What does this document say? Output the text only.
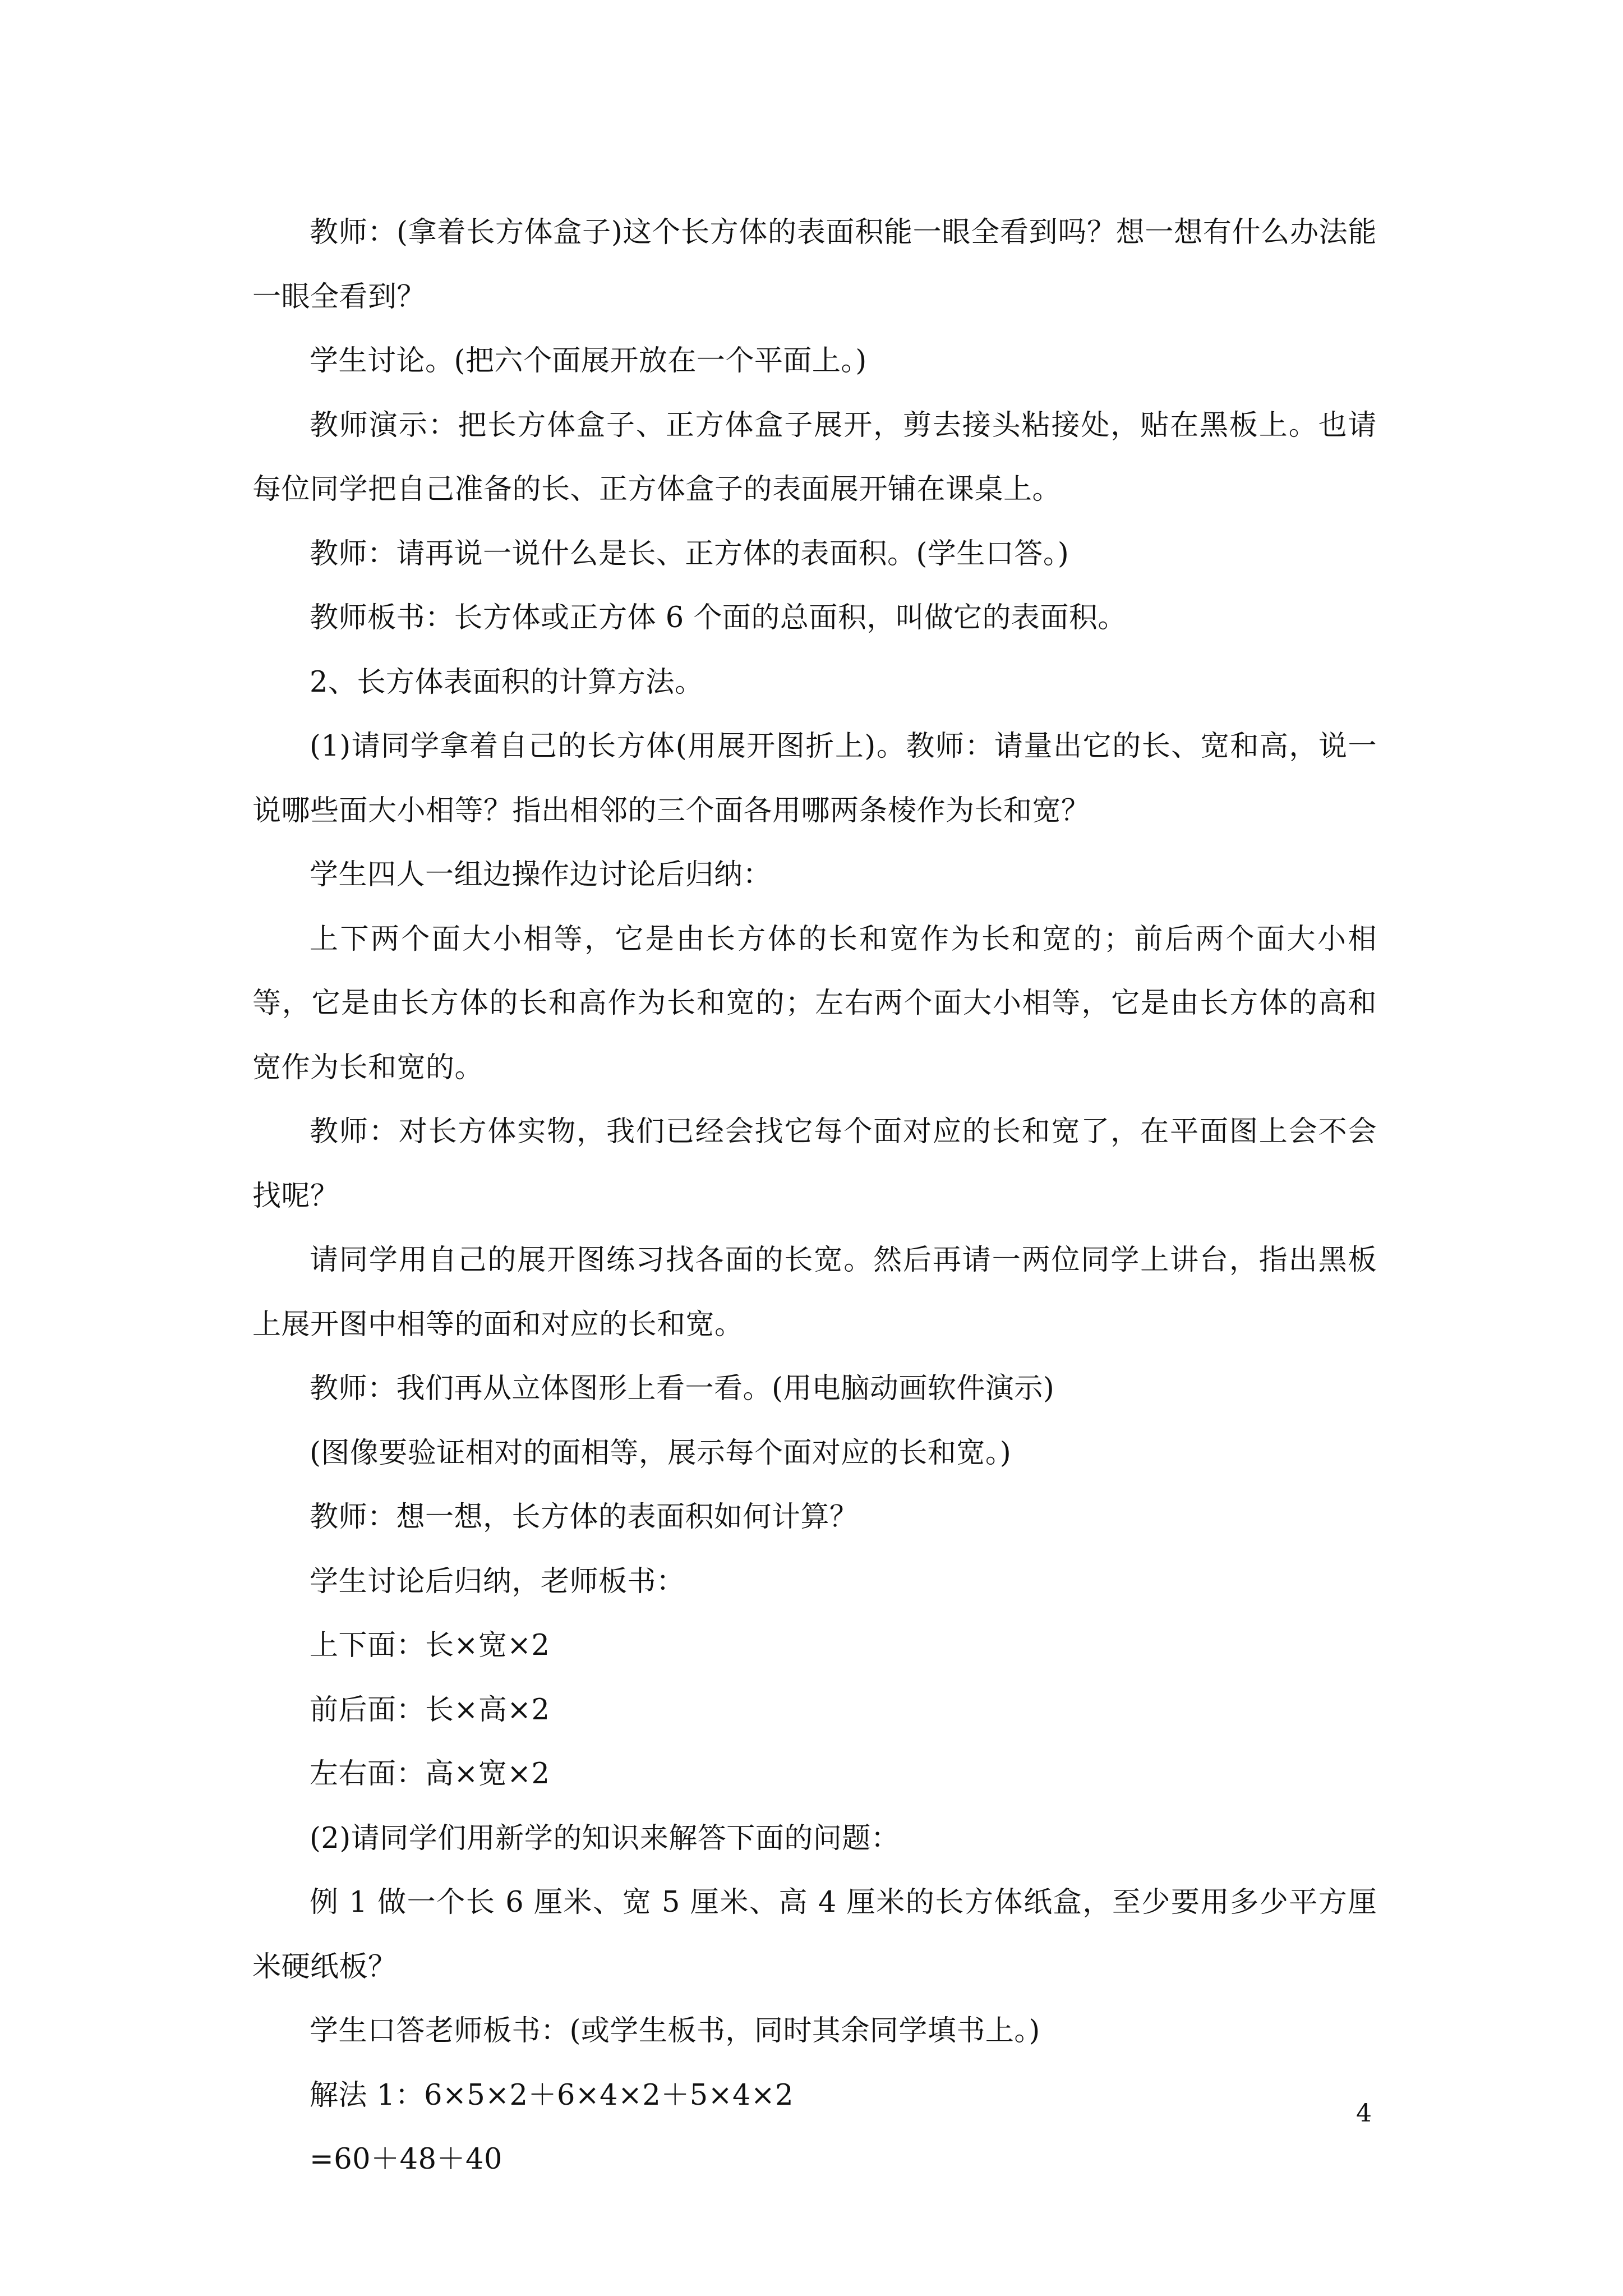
教师：(拿着长方体盒子)这个长方体的表面积能一眼全看到吗？想一想有什么办法能一眼全看到？

学生讨论。(把六个面展开放在一个平面上。)

教师演示：把长方体盒子、正方体盒子展开，剪去接头粘接处，贴在黑板上。也请每位同学把自己准备的长、正方体盒子的表面展开铺在课桌上。

教师：请再说一说什么是长、正方体的表面积。(学生口答。)

教师板书：长方体或正方体 6 个面的总面积，叫做它的表面积。

2、长方体表面积的计算方法。

(1)请同学拿着自己的长方体(用展开图折上)。教师：请量出它的长、宽和高，说一说哪些面大小相等？指出相邻的三个面各用哪两条棱作为长和宽？

学生四人一组边操作边讨论后归纳：

上下两个面大小相等，它是由长方体的长和宽作为长和宽的；前后两个面大小相等，它是由长方体的长和高作为长和宽的；左右两个面大小相等，它是由长方体的高和宽作为长和宽的。

教师：对长方体实物，我们已经会找它每个面对应的长和宽了，在平面图上会不会找呢？

请同学用自己的展开图练习找各面的长宽。然后再请一两位同学上讲台，指出黑板上展开图中相等的面和对应的长和宽。

教师：我们再从立体图形上看一看。(用电脑动画软件演示)

(图像要验证相对的面相等，展示每个面对应的长和宽。)

教师：想一想，长方体的表面积如何计算？

学生讨论后归纳，老师板书：

上下面：长×宽×2

前后面：长×高×2

左右面：高×宽×2

(2)请同学们用新学的知识来解答下面的问题：

例 1 做一个长 6 厘米、宽 5 厘米、高 4 厘米的长方体纸盒，至少要用多少平方厘米硬纸板？

学生口答老师板书：(或学生板书，同时其余同学填书上。)

解法 1：6×5×2＋6×4×2＋5×4×2

=60＋48＋40

4
